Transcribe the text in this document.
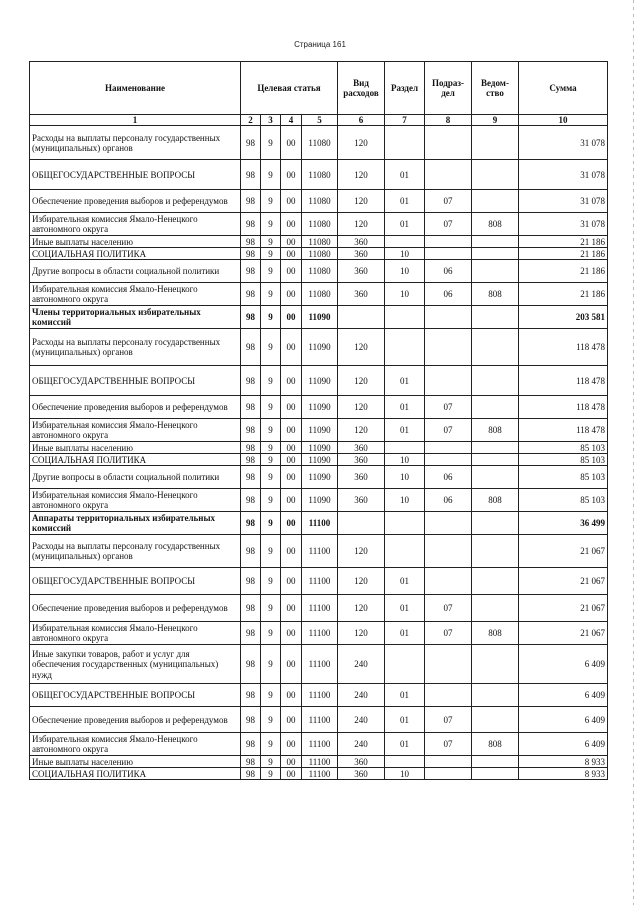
Страница 161
Наименование	Целевая статья				Вид расходов	Раздел	Подраз-дел	Ведом-ство	Сумма
1	2	3	4	5	6	7	8	9	10
Расходы на выплаты персоналу государственных (муниципальных) органов	98	9	00	11080	120				31 078
ОБЩЕГОСУДАРСТВЕННЫЕ ВОПРОСЫ	98	9	00	11080	120	01			31 078
Обеспечение проведения выборов и референдумов	98	9	00	11080	120	01	07		31 078
Избирательная комиссия Ямало-Ненецкого автономного округа	98	9	00	11080	120	01	07	808	31 078
Иные выплаты населению	98	9	00	11080	360				21 186
СОЦИАЛЬНАЯ ПОЛИТИКА	98	9	00	11080	360	10			21 186
Другие вопросы в области социальной политики	98	9	00	11080	360	10	06		21 186
Избирательная комиссия Ямало-Ненецкого автономного округа	98	9	00	11080	360	10	06	808	21 186
Члены территориальных избирательных комиссий	98	9	00	11090					203 581
Расходы на выплаты персоналу государственных (муниципальных) органов	98	9	00	11090	120				118 478
ОБЩЕГОСУДАРСТВЕННЫЕ ВОПРОСЫ	98	9	00	11090	120	01			118 478
Обеспечение проведения выборов и референдумов	98	9	00	11090	120	01	07		118 478
Избирательная комиссия Ямало-Ненецкого автономного округа	98	9	00	11090	120	01	07	808	118 478
Иные выплаты населению	98	9	00	11090	360				85 103
СОЦИАЛЬНАЯ ПОЛИТИКА	98	9	00	11090	360	10			85 103
Другие вопросы в области социальной политики	98	9	00	11090	360	10	06		85 103
Избирательная комиссия Ямало-Ненецкого автономного округа	98	9	00	11090	360	10	06	808	85 103
Аппараты территориальных избирательных комиссий	98	9	00	11100					36 499
Расходы на выплаты персоналу государственных (муниципальных) органов	98	9	00	11100	120				21 067
ОБЩЕГОСУДАРСТВЕННЫЕ ВОПРОСЫ	98	9	00	11100	120	01			21 067
Обеспечение проведения выборов и референдумов	98	9	00	11100	120	01	07		21 067
Избирательная комиссия Ямало-Ненецкого автономного округа	98	9	00	11100	120	01	07	808	21 067
Иные закупки товаров, работ и услуг для обеспечения государственных (муниципальных) нужд	98	9	00	11100	240				6 409
ОБЩЕГОСУДАРСТВЕННЫЕ ВОПРОСЫ	98	9	00	11100	240	01			6 409
Обеспечение проведения выборов и референдумов	98	9	00	11100	240	01	07		6 409
Избирательная комиссия Ямало-Ненецкого автономного округа	98	9	00	11100	240	01	07	808	6 409
Иные выплаты населению	98	9	00	11100	360				8 933
СОЦИАЛЬНАЯ ПОЛИТИКА	98	9	00	11100	360	10			8 933
